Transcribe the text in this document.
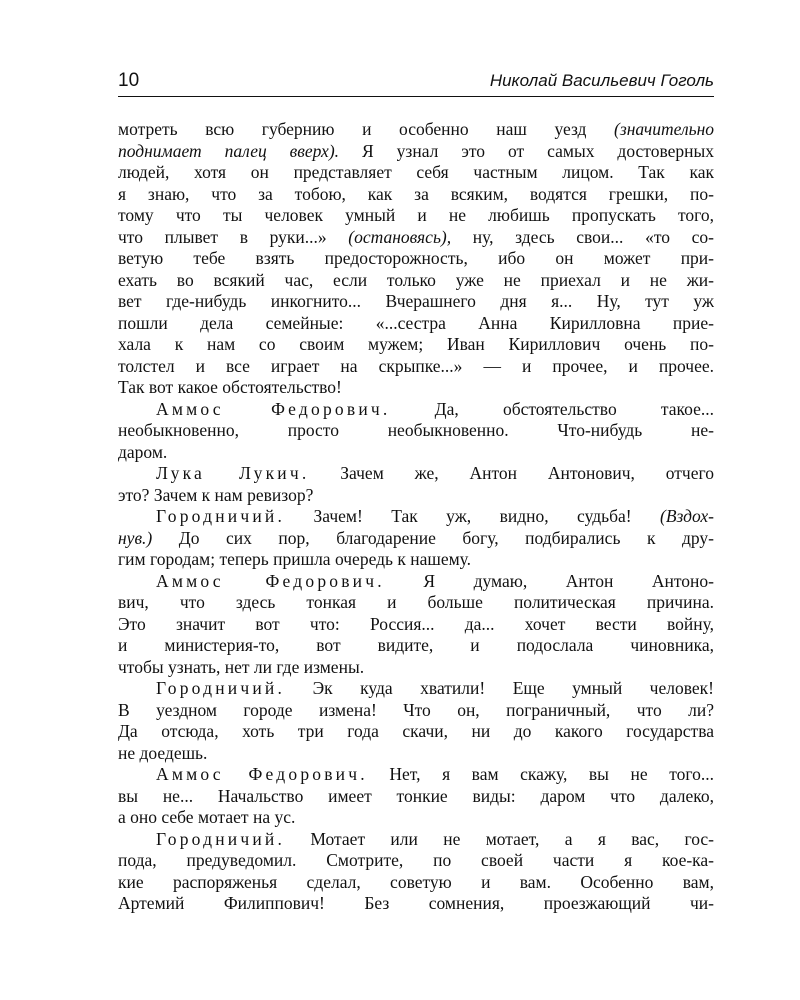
10	Николай Васильевич Гоголь
мотреть всю губернию и особенно наш уезд (значительно
поднимает палец вверх). Я узнал это от самых достоверных
людей, хотя он представляет себя частным лицом. Так как
я знаю, что за тобою, как за всяким, водятся грешки, по-
тому что ты человек умный и не любишь пропускать того,
что плывет в руки...» (остановясь), ну, здесь свои... «то со-
ветую тебе взять предосторожность, ибо он может при-
ехать во всякий час, если только уже не приехал и не жи-
вет где-нибудь инкогнито... Вчерашнего дня я... Ну, тут уж
пошли дела семейные: «...сестра Анна Кирилловна прие-
хала к нам со своим мужем; Иван Кириллович очень по-
толстел и все играет на скрыпке...» — и прочее, и прочее.
Так вот какое обстоятельство!
Аммос Федорович. Да, обстоятельство такое...
необыкновенно, просто необыкновенно. Что-нибудь не-
даром.
Лука Лукич. Зачем же, Антон Антонович, отчего
это? Зачем к нам ревизор?
Городничий. Зачем! Так уж, видно, судьба! (Вздох-
нув.) До сих пор, благодарение богу, подбирались к дру-
гим городам; теперь пришла очередь к нашему.
Аммос Федорович. Я думаю, Антон Антоно-
вич, что здесь тонкая и больше политическая причина.
Это значит вот что: Россия... да... хочет вести войну,
и министерия-то, вот видите, и подослала чиновника,
чтобы узнать, нет ли где измены.
Городничий. Эк куда хватили! Еще умный человек!
В уездном городе измена! Что он, пограничный, что ли?
Да отсюда, хоть три года скачи, ни до какого государства
не доедешь.
Аммос Федорович. Нет, я вам скажу, вы не того...
вы не... Начальство имеет тонкие виды: даром что далеко,
а оно себе мотает на ус.
Городничий. Мотает или не мотает, а я вас, гос-
пода, предуведомил. Смотрите, по своей части я кое-ка-
кие распоряженья сделал, советую и вам. Особенно вам,
Артемий Филиппович! Без сомнения, проезжающий чи-
